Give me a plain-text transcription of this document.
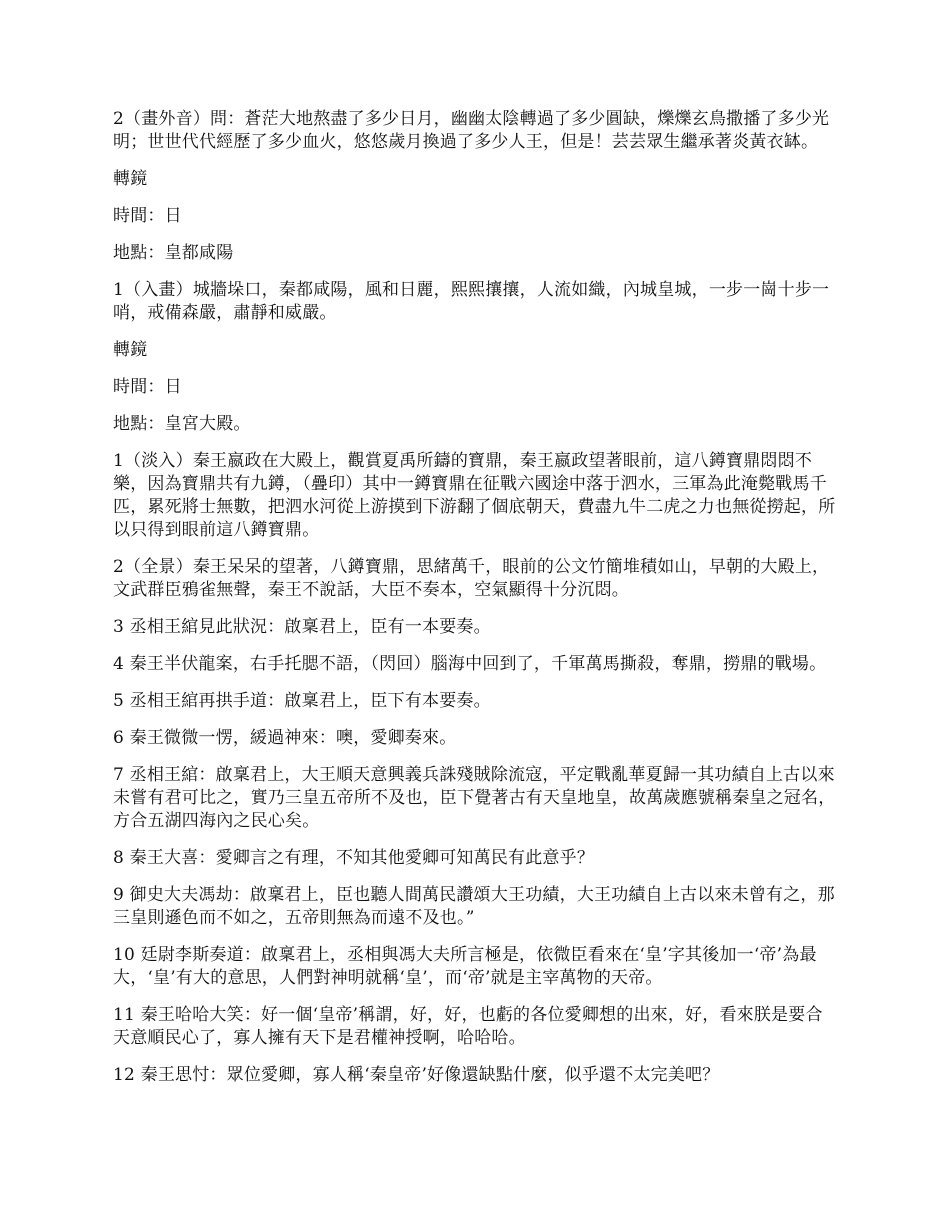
2（畫外音）問：蒼茫大地熬盡了多少日月，幽幽太陰轉過了多少圓缺，爍爍玄鳥撒播了多少光明；世世代代經歷了多少血火，悠悠歲月換過了多少人王，但是！芸芸眾生繼承著炎黃衣缽。

轉鏡

時間：日

地點：皇都咸陽

1（入畫）城牆垛口，秦都咸陽，風和日麗，熙熙攘攘，人流如織，內城皇城，一步一崗十步一哨，戒備森嚴，肅靜和威嚴。

轉鏡

時間：日

地點：皇宮大殿。

1（淡入）秦王嬴政在大殿上，觀賞夏禹所鑄的寶鼎，秦王嬴政望著眼前，這八鐏寶鼎悶悶不樂，因為寶鼎共有九鐏，（疊印）其中一鐏寶鼎在征戰六國途中落于泗水，三軍為此淹斃戰馬千匹，累死將士無數，把泗水河從上游摸到下游翻了個底朝天，費盡九牛二虎之力也無從撈起，所以只得到眼前這八鐏寶鼎。

2（全景）秦王呆呆的望著，八鐏寶鼎，思緒萬千，眼前的公文竹簡堆積如山，早朝的大殿上，文武群臣鴉雀無聲，秦王不說話，大臣不奏本，空氣顯得十分沉悶。

3 丞相王綰見此狀況：啟稟君上，臣有一本要奏。

4 秦王半伏龍案，右手托腮不語，（閃回）腦海中回到了，千軍萬馬撕殺，奪鼎，撈鼎的戰場。

5 丞相王綰再拱手道：啟稟君上，臣下有本要奏。

6 秦王微微一愣，緩過神來：噢，愛卿奏來。

7 丞相王綰：啟稟君上，大王順天意興義兵誅殘賊除流寇，平定戰亂華夏歸一其功績自上古以來未嘗有君可比之，實乃三皇五帝所不及也，臣下覺著古有天皇地皇，故萬歲應號稱秦皇之冠名，方合五湖四海內之民心矣。

8 秦王大喜：愛卿言之有理，不知其他愛卿可知萬民有此意乎？

9 御史大夫馮劫：啟稟君上，臣也聽人間萬民讚頌大王功績，大王功績自上古以來未曾有之，那三皇則遜色而不如之，五帝則無為而遠不及也。”

10 廷尉李斯奏道：啟稟君上，丞相與馮大夫所言極是，依微臣看來在‘皇’字其後加一‘帝’為最大，‘皇’有大的意思，人們對神明就稱‘皇’，而‘帝’就是主宰萬物的天帝。

11 秦王哈哈大笑：好一個‘皇帝’稱謂，好，好，也虧的各位愛卿想的出來，好，看來朕是要合天意順民心了，寡人擁有天下是君權神授啊，哈哈哈。

12 秦王思忖：眾位愛卿，寡人稱‘秦皇帝’好像還缺點什麼，似乎還不太完美吧？
